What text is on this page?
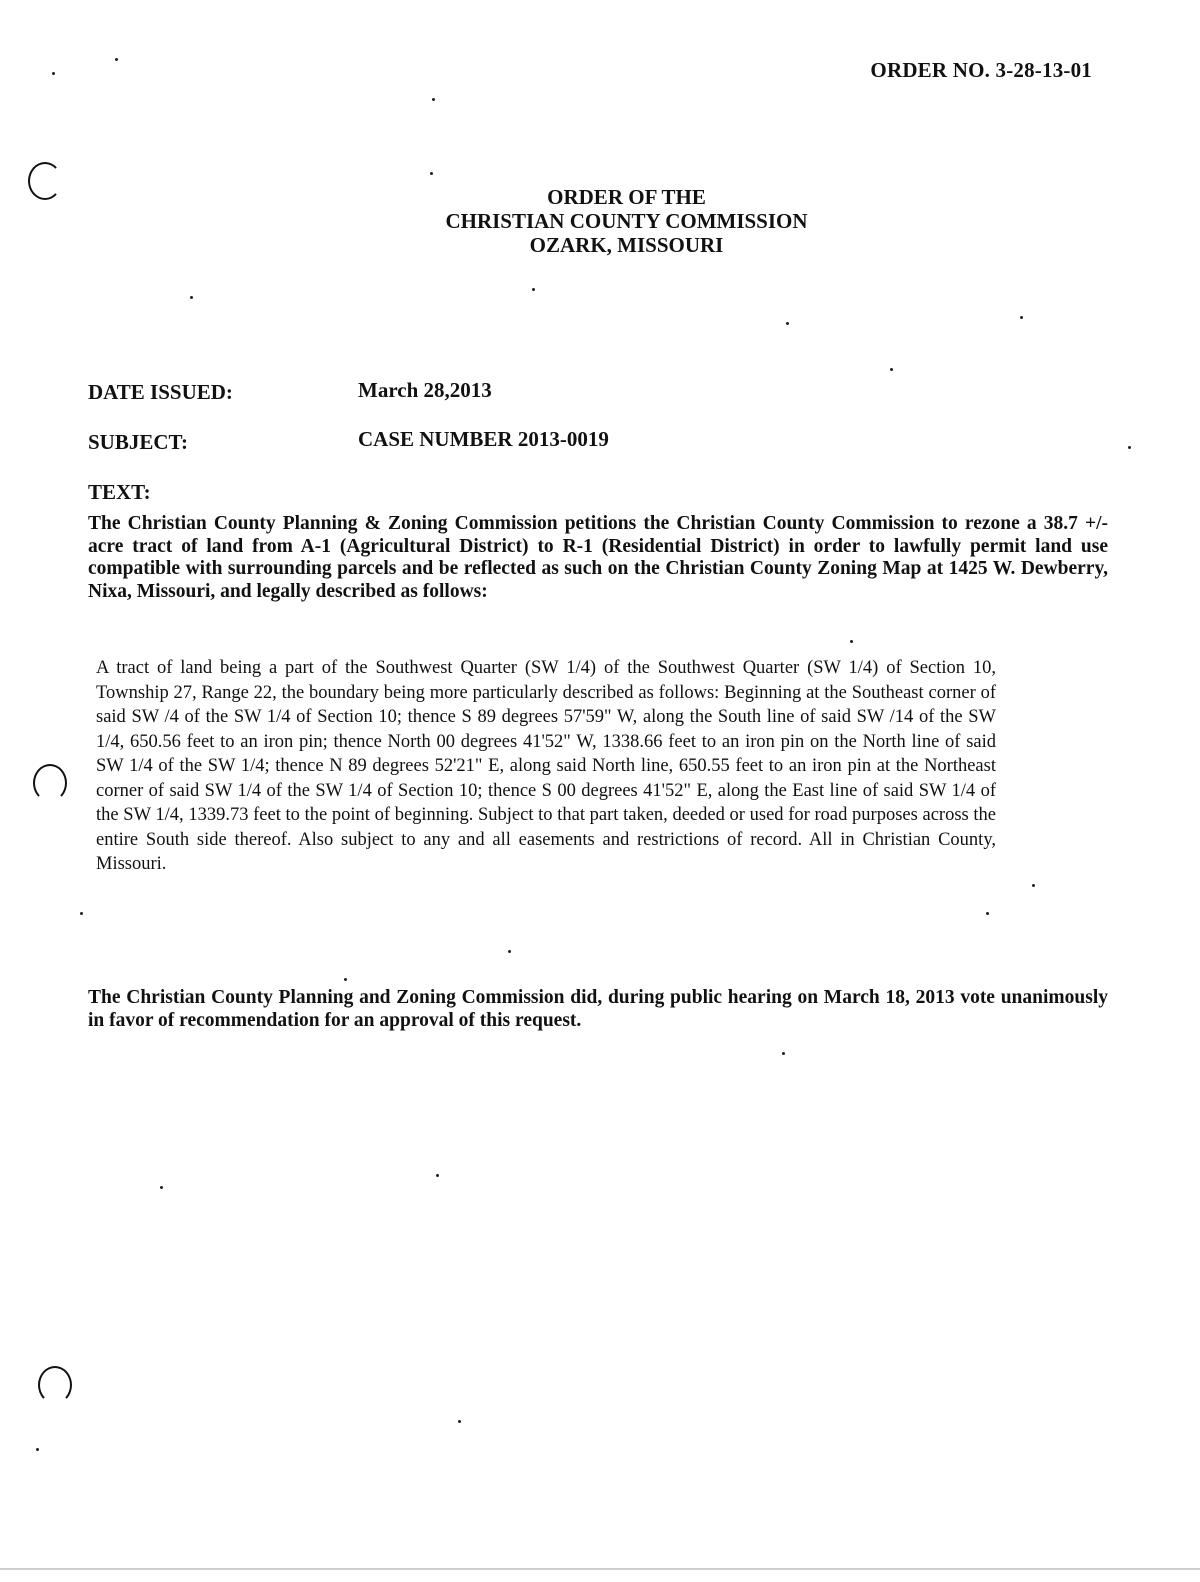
ORDER NO. 3-28-13-01
ORDER OF THE
CHRISTIAN COUNTY COMMISSION
OZARK, MISSOURI
DATE ISSUED:	March 28,2013
SUBJECT:	CASE NUMBER 2013-0019
TEXT:
The Christian County Planning & Zoning Commission petitions the Christian County Commission to rezone a 38.7 +/- acre tract of land from A-1 (Agricultural District) to R-1 (Residential District) in order to lawfully permit land use compatible with surrounding parcels and be reflected as such on the Christian County Zoning Map at 1425 W. Dewberry, Nixa, Missouri, and legally described as follows:
A tract of land being a part of the Southwest Quarter (SW 1/4) of the Southwest Quarter (SW 1/4) of Section 10, Township 27, Range 22, the boundary being more particularly described as follows: Beginning at the Southeast corner of said SW /4 of the SW 1/4 of Section 10; thence S 89 degrees 57'59" W, along the South line of said SW /14 of the SW 1/4, 650.56 feet to an iron pin; thence North 00 degrees 41'52" W, 1338.66 feet to an iron pin on the North line of said SW 1/4 of the SW 1/4; thence N 89 degrees 52'21" E, along said North line, 650.55 feet to an iron pin at the Northeast corner of said SW 1/4 of the SW 1/4 of Section 10; thence S 00 degrees 41'52" E, along the East line of said SW 1/4 of the SW 1/4, 1339.73 feet to the point of beginning. Subject to that part taken, deeded or used for road purposes across the entire South side thereof. Also subject to any and all easements and restrictions of record. All in Christian County, Missouri.
The Christian County Planning and Zoning Commission did, during public hearing on March 18, 2013 vote unanimously in favor of recommendation for an approval of this request.
